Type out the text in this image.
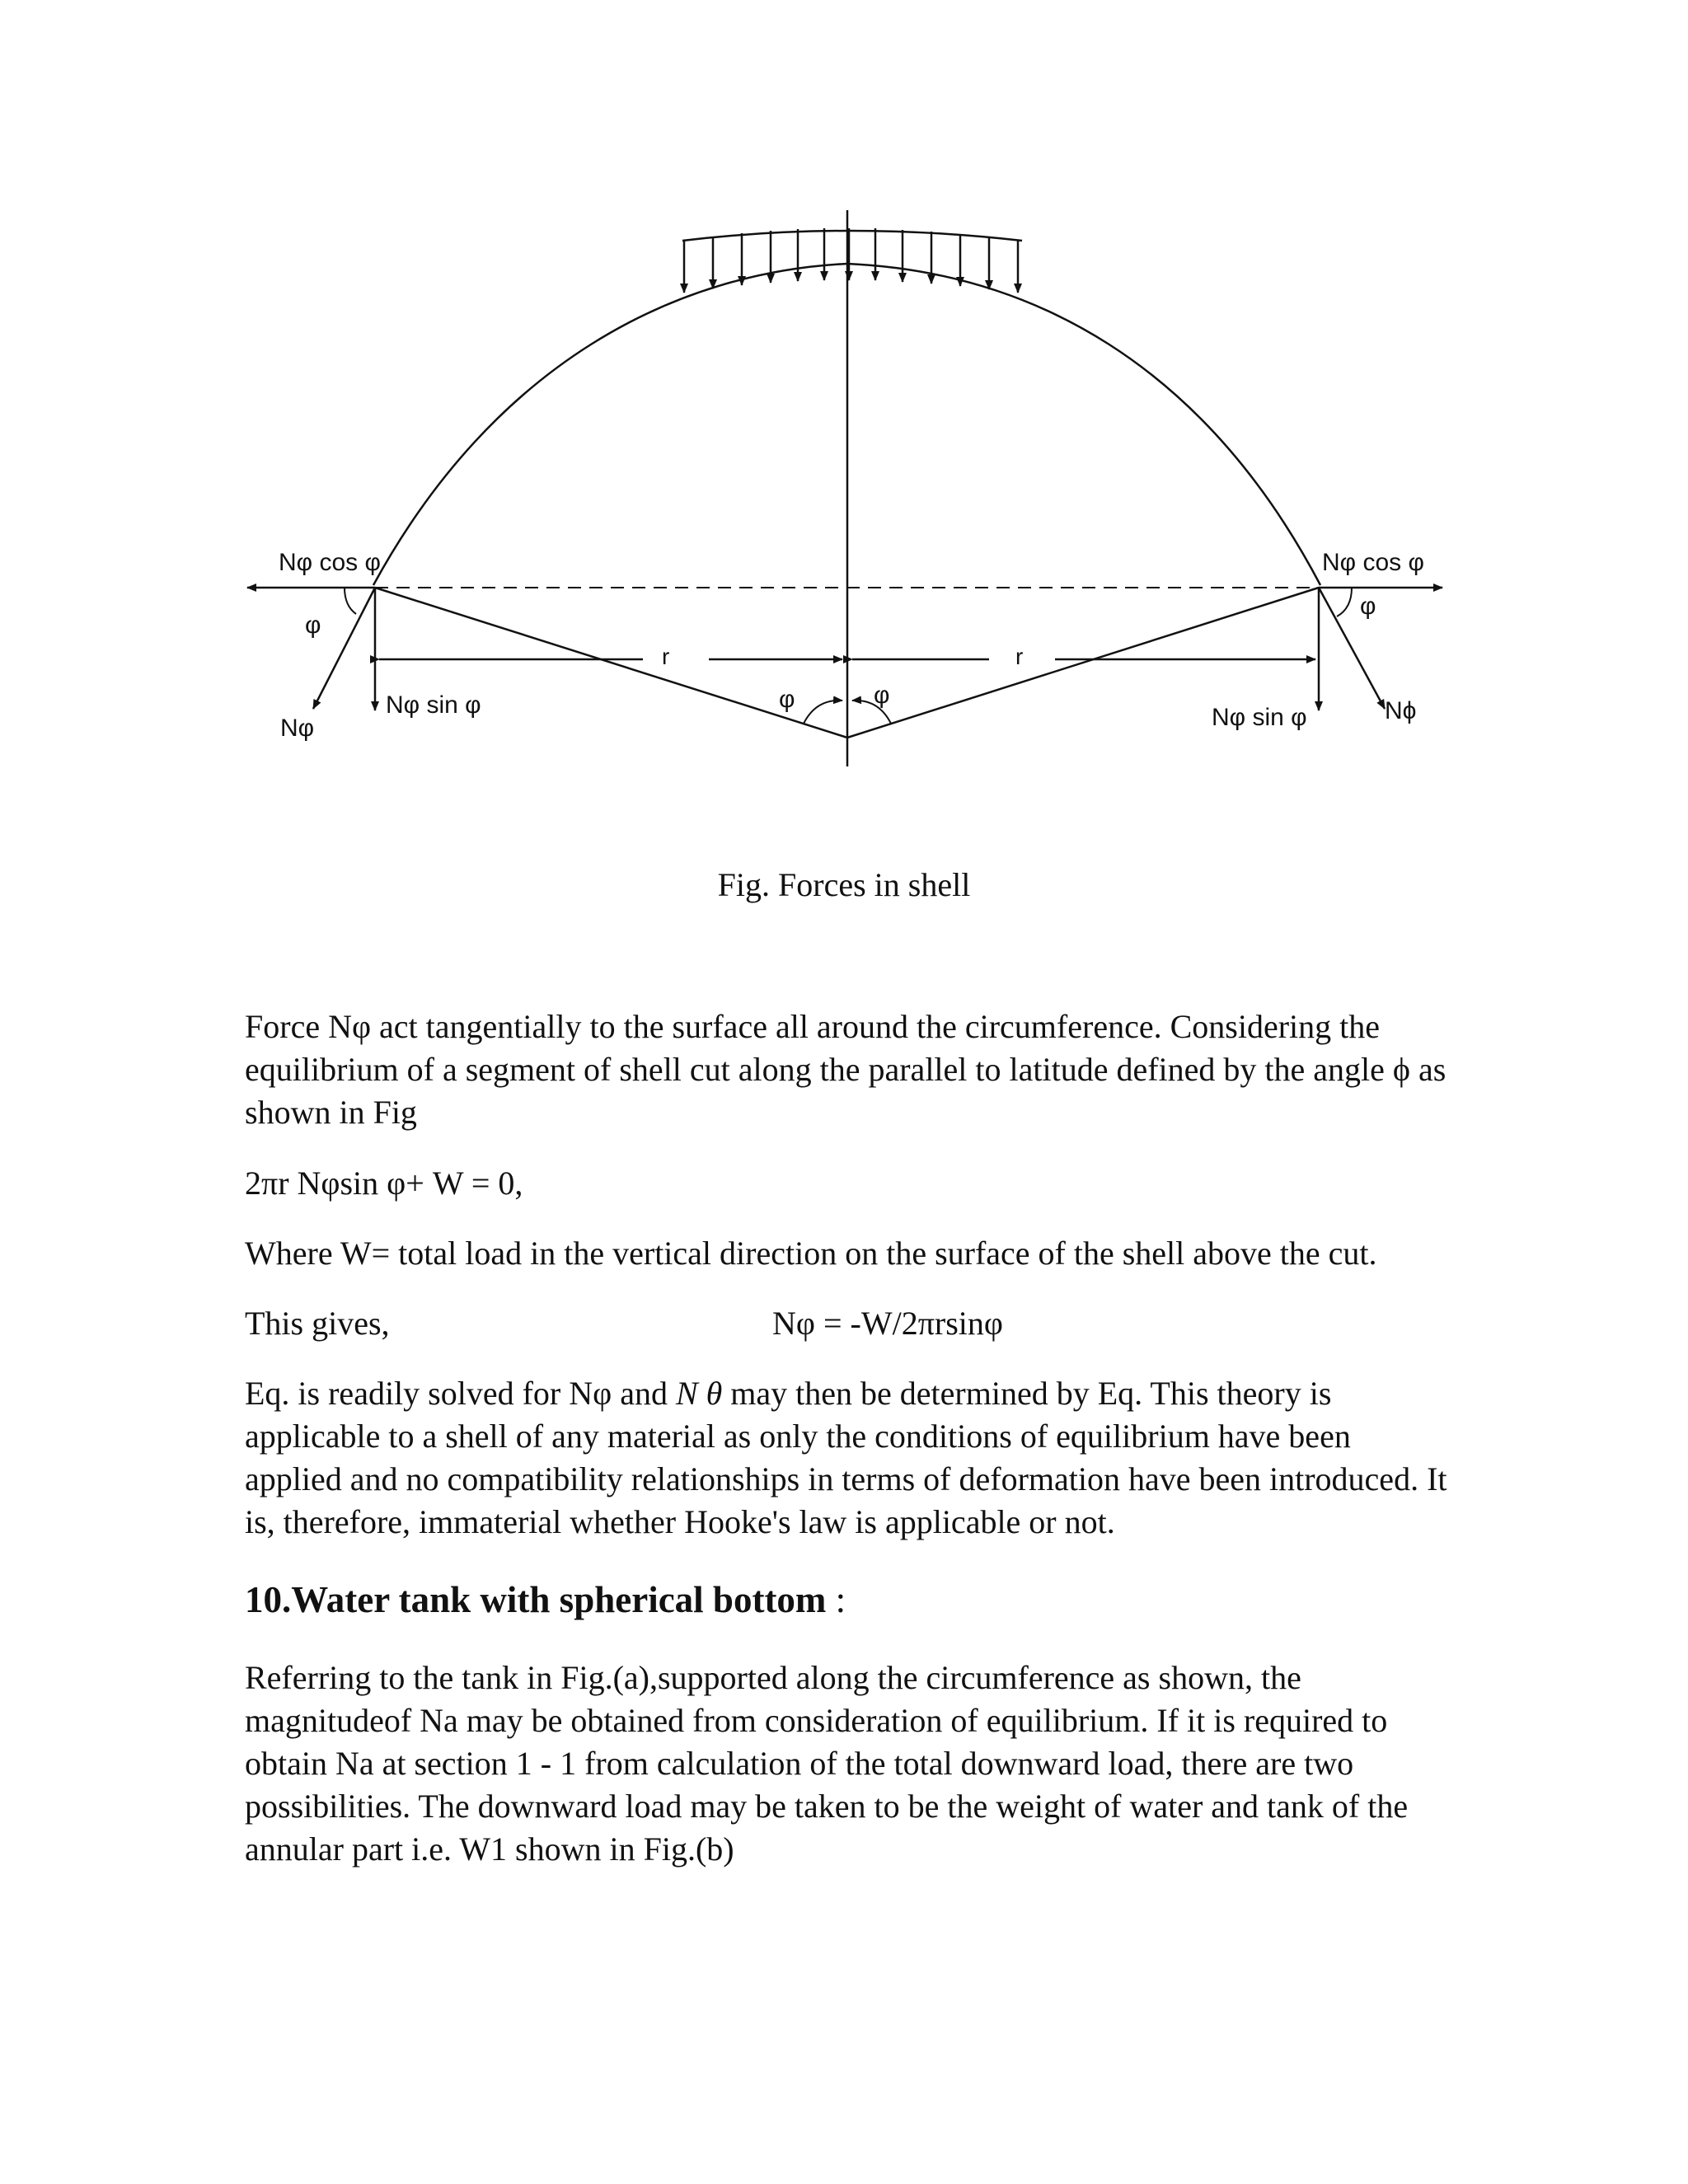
Nφ cos φ
φ
Nφ
Nφ sin φ
r	r
φ	φ
Nφ cos φ
φ
Nφ sin φ	Nϕ
Fig. Forces in shell

Force Nφ act tangentially to the surface all around the circumference. Considering the equilibrium of a segment of shell cut along the parallel to latitude defined by the angle ϕ as shown in Fig

2πr Nφsin φ+ W = 0,

Where W= total load in the vertical direction on the surface of the shell above the cut.

This gives,	Nφ = -W/2πrsinφ

Eq. is readily solved for Nφ and N θ may then be determined by Eq. This theory is applicable to a shell of any material as only the conditions of equilibrium have been applied and no compatibility relationships in terms of deformation have been introduced. It is, therefore, immaterial whether Hooke's law is applicable or not.

10.Water tank with spherical bottom :

Referring to the tank in Fig.(a),supported along the circumference as shown, the magnitudeof Na may be obtained from consideration of equilibrium. If it is required to obtain Na at section 1 - 1 from calculation of the total downward load, there are two possibilities. The downward load may be taken to be the weight of water and tank of the annular part i.e. W1 shown in Fig.(b)
